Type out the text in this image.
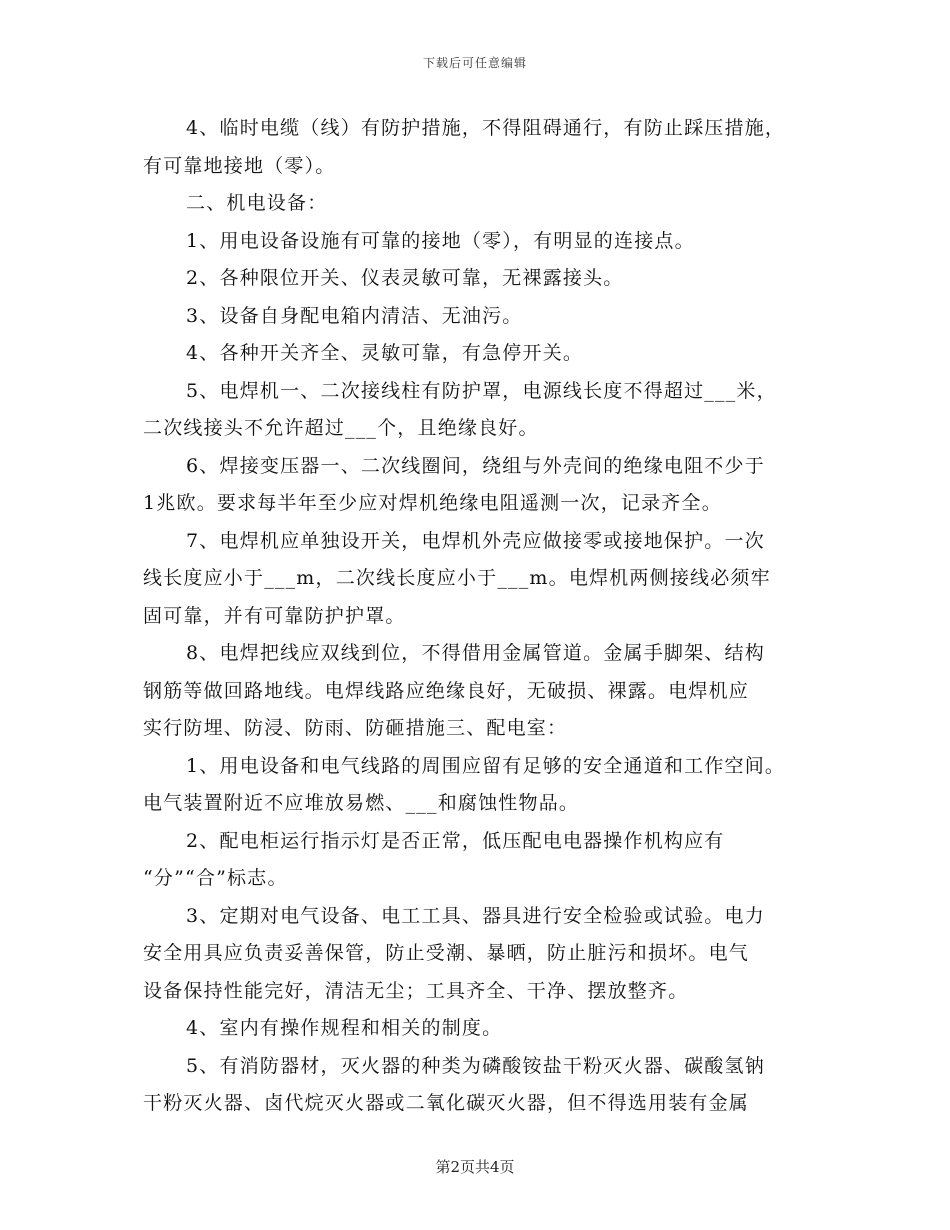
下载后可任意编辑
4、临时电缆（线）有防护措施，不得阻碍通行，有防止踩压措施，
有可靠地接地（零）。
二、机电设备：
1、用电设备设施有可靠的接地（零），有明显的连接点。
2、各种限位开关、仪表灵敏可靠，无裸露接头。
3、设备自身配电箱内清洁、无油污。
4、各种开关齐全、灵敏可靠，有急停开关。
5、电焊机一、二次接线柱有防护罩，电源线长度不得超过___米，
二次线接头不允许超过___个，且绝缘良好。
6、焊接变压器一、二次线圈间，绕组与外壳间的绝缘电阻不少于
1兆欧。要求每半年至少应对焊机绝缘电阻遥测一次，记录齐全。
7、电焊机应单独设开关，电焊机外壳应做接零或接地保护。一次
线长度应小于___m，二次线长度应小于___m。电焊机两侧接线必须牢
固可靠，并有可靠防护护罩。
8、电焊把线应双线到位，不得借用金属管道。金属手脚架、结构
钢筋等做回路地线。电焊线路应绝缘良好，无破损、裸露。电焊机应
实行防埋、防浸、防雨、防砸措施三、配电室：
1、用电设备和电气线路的周围应留有足够的安全通道和工作空间。
电气装置附近不应堆放易燃、___和腐蚀性物品。
2、配电柜运行指示灯是否正常，低压配电电器操作机构应有
“分”“合”标志。
3、定期对电气设备、电工工具、器具进行安全检验或试验。电力
安全用具应负责妥善保管，防止受潮、暴晒，防止脏污和损坏。电气
设备保持性能完好，清洁无尘；工具齐全、干净、摆放整齐。
4、室内有操作规程和相关的制度。
5、有消防器材，灭火器的种类为磷酸铵盐干粉灭火器、碳酸氢钠
干粉灭火器、卤代烷灭火器或二氧化碳灭火器，但不得选用装有金属
第2页共4页
